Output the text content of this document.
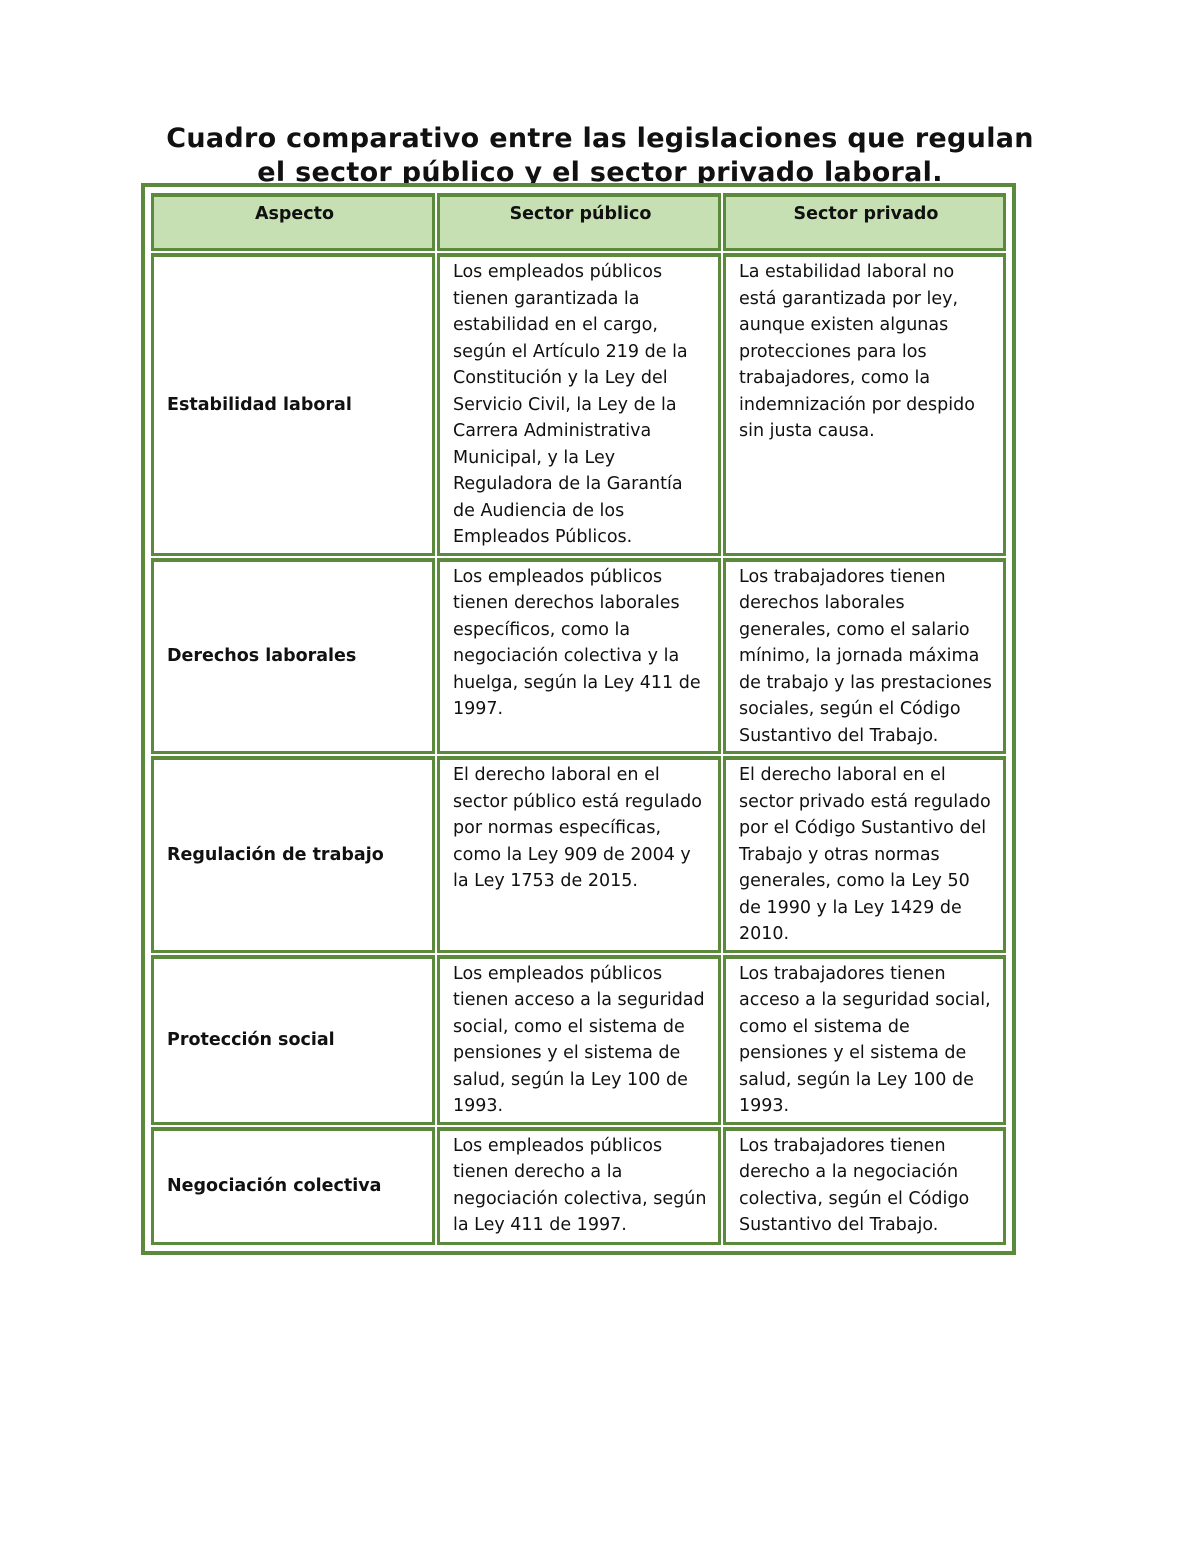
Cuadro comparativo entre las legislaciones que regulan
el sector público y el sector privado laboral.
Aspecto	Sector público	Sector privado
Estabilidad laboral	Los empleados públicos tienen garantizada la estabilidad en el cargo, según el Artículo 219 de la Constitución y la Ley del Servicio Civil, la Ley de la Carrera Administrativa Municipal, y la Ley Reguladora de la Garantía de Audiencia de los Empleados Públicos.	La estabilidad laboral no está garantizada por ley, aunque existen algunas protecciones para los trabajadores, como la indemnización por despido sin justa causa.
Derechos laborales	Los empleados públicos tienen derechos laborales específicos, como la negociación colectiva y la huelga, según la Ley 411 de 1997.	Los trabajadores tienen derechos laborales generales, como el salario mínimo, la jornada máxima de trabajo y las prestaciones sociales, según el Código Sustantivo del Trabajo.
Regulación de trabajo	El derecho laboral en el sector público está regulado por normas específicas, como la Ley 909 de 2004 y la Ley 1753 de 2015.	El derecho laboral en el sector privado está regulado por el Código Sustantivo del Trabajo y otras normas generales, como la Ley 50 de 1990 y la Ley 1429 de 2010.
Protección social	Los empleados públicos tienen acceso a la seguridad social, como el sistema de pensiones y el sistema de salud, según la Ley 100 de 1993.	Los trabajadores tienen acceso a la seguridad social, como el sistema de pensiones y el sistema de salud, según la Ley 100 de 1993.
Negociación colectiva	Los empleados públicos tienen derecho a la negociación colectiva, según la Ley 411 de 1997.	Los trabajadores tienen derecho a la negociación colectiva, según el Código Sustantivo del Trabajo.
